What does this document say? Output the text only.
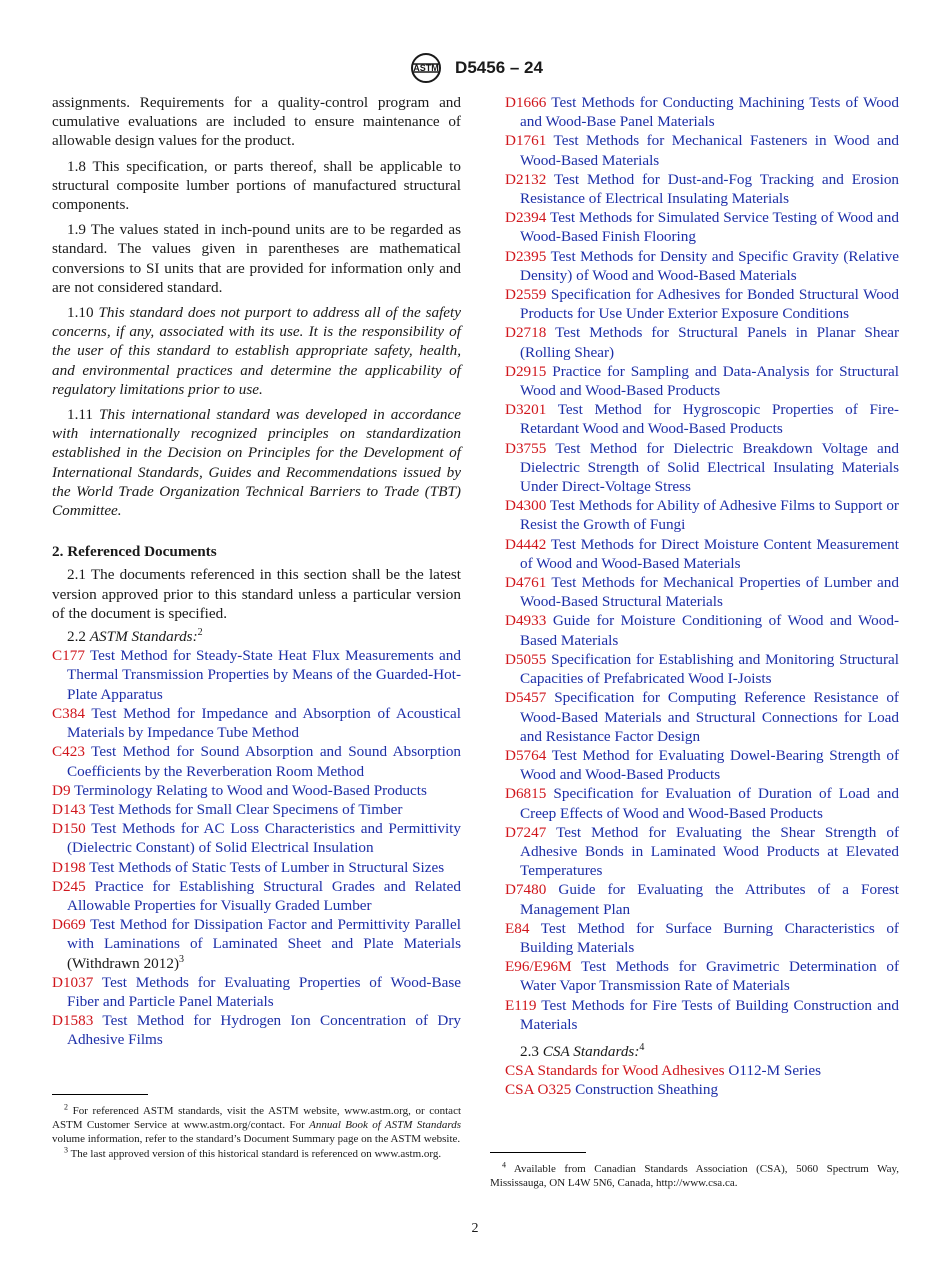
ASTM D5456 – 24

assignments. Requirements for a quality-control program and cumulative evaluations are included to ensure maintenance of allowable design values for the product.

1.8 This specification, or parts thereof, shall be applicable to structural composite lumber portions of manufactured structural components.

1.9 The values stated in inch-pound units are to be regarded as standard. The values given in parentheses are mathematical conversions to SI units that are provided for information only and are not considered standard.

1.10 This standard does not purport to address all of the safety concerns, if any, associated with its use. It is the responsibility of the user of this standard to establish appropriate safety, health, and environmental practices and determine the applicability of regulatory limitations prior to use.

1.11 This international standard was developed in accordance with internationally recognized principles on standardization established in the Decision on Principles for the Development of International Standards, Guides and Recommendations issued by the World Trade Organization Technical Barriers to Trade (TBT) Committee.

2. Referenced Documents

2.1 The documents referenced in this section shall be the latest version approved prior to this standard unless a particular version of the document is specified.

2.2 ASTM Standards:$^2$

C177 Test Method for Steady-State Heat Flux Measurements and Thermal Transmission Properties by Means of the Guarded-Hot-Plate Apparatus
C384 Test Method for Impedance and Absorption of Acoustical Materials by Impedance Tube Method
C423 Test Method for Sound Absorption and Sound Absorption Coefficients by the Reverberation Room Method
D9 Terminology Relating to Wood and Wood-Based Products
D143 Test Methods for Small Clear Specimens of Timber
D150 Test Methods for AC Loss Characteristics and Permittivity (Dielectric Constant) of Solid Electrical Insulation
D198 Test Methods of Static Tests of Lumber in Structural Sizes
D245 Practice for Establishing Structural Grades and Related Allowable Properties for Visually Graded Lumber
D669 Test Method for Dissipation Factor and Permittivity Parallel with Laminations of Laminated Sheet and Plate Materials (Withdrawn 2012)$^3$
D1037 Test Methods for Evaluating Properties of Wood-Base Fiber and Particle Panel Materials
D1583 Test Method for Hydrogen Ion Concentration of Dry Adhesive Films

$^2$ For referenced ASTM standards, visit the ASTM website, www.astm.org, or contact ASTM Customer Service at www.astm.org/contact. For Annual Book of ASTM Standards volume information, refer to the standard’s Document Summary page on the ASTM website.

$^3$ The last approved version of this historical standard is referenced on www.astm.org.

D1666 Test Methods for Conducting Machining Tests of Wood and Wood-Base Panel Materials
D1761 Test Methods for Mechanical Fasteners in Wood and Wood-Based Materials
D2132 Test Method for Dust-and-Fog Tracking and Erosion Resistance of Electrical Insulating Materials
D2394 Test Methods for Simulated Service Testing of Wood and Wood-Based Finish Flooring
D2395 Test Methods for Density and Specific Gravity (Relative Density) of Wood and Wood-Based Materials
D2559 Specification for Adhesives for Bonded Structural Wood Products for Use Under Exterior Exposure Conditions
D2718 Test Methods for Structural Panels in Planar Shear (Rolling Shear)
D2915 Practice for Sampling and Data-Analysis for Structural Wood and Wood-Based Products
D3201 Test Method for Hygroscopic Properties of Fire-Retardant Wood and Wood-Based Products
D3755 Test Method for Dielectric Breakdown Voltage and Dielectric Strength of Solid Electrical Insulating Materials Under Direct-Voltage Stress
D4300 Test Methods for Ability of Adhesive Films to Support or Resist the Growth of Fungi
D4442 Test Methods for Direct Moisture Content Measurement of Wood and Wood-Based Materials
D4761 Test Methods for Mechanical Properties of Lumber and Wood-Based Structural Materials
D4933 Guide for Moisture Conditioning of Wood and Wood-Based Materials
D5055 Specification for Establishing and Monitoring Structural Capacities of Prefabricated Wood I-Joists
D5457 Specification for Computing Reference Resistance of Wood-Based Materials and Structural Connections for Load and Resistance Factor Design
D5764 Test Method for Evaluating Dowel-Bearing Strength of Wood and Wood-Based Products
D6815 Specification for Evaluation of Duration of Load and Creep Effects of Wood and Wood-Based Products
D7247 Test Method for Evaluating the Shear Strength of Adhesive Bonds in Laminated Wood Products at Elevated Temperatures
D7480 Guide for Evaluating the Attributes of a Forest Management Plan
E84 Test Method for Surface Burning Characteristics of Building Materials
E96/E96M Test Methods for Gravimetric Determination of Water Vapor Transmission Rate of Materials
E119 Test Methods for Fire Tests of Building Construction and Materials

2.3 CSA Standards:$^4$

CSA Standards for Wood Adhesives O112-M Series
CSA O325 Construction Sheathing

$^4$ Available from Canadian Standards Association (CSA), 5060 Spectrum Way, Mississauga, ON L4W 5N6, Canada, http://www.csa.ca.

2
